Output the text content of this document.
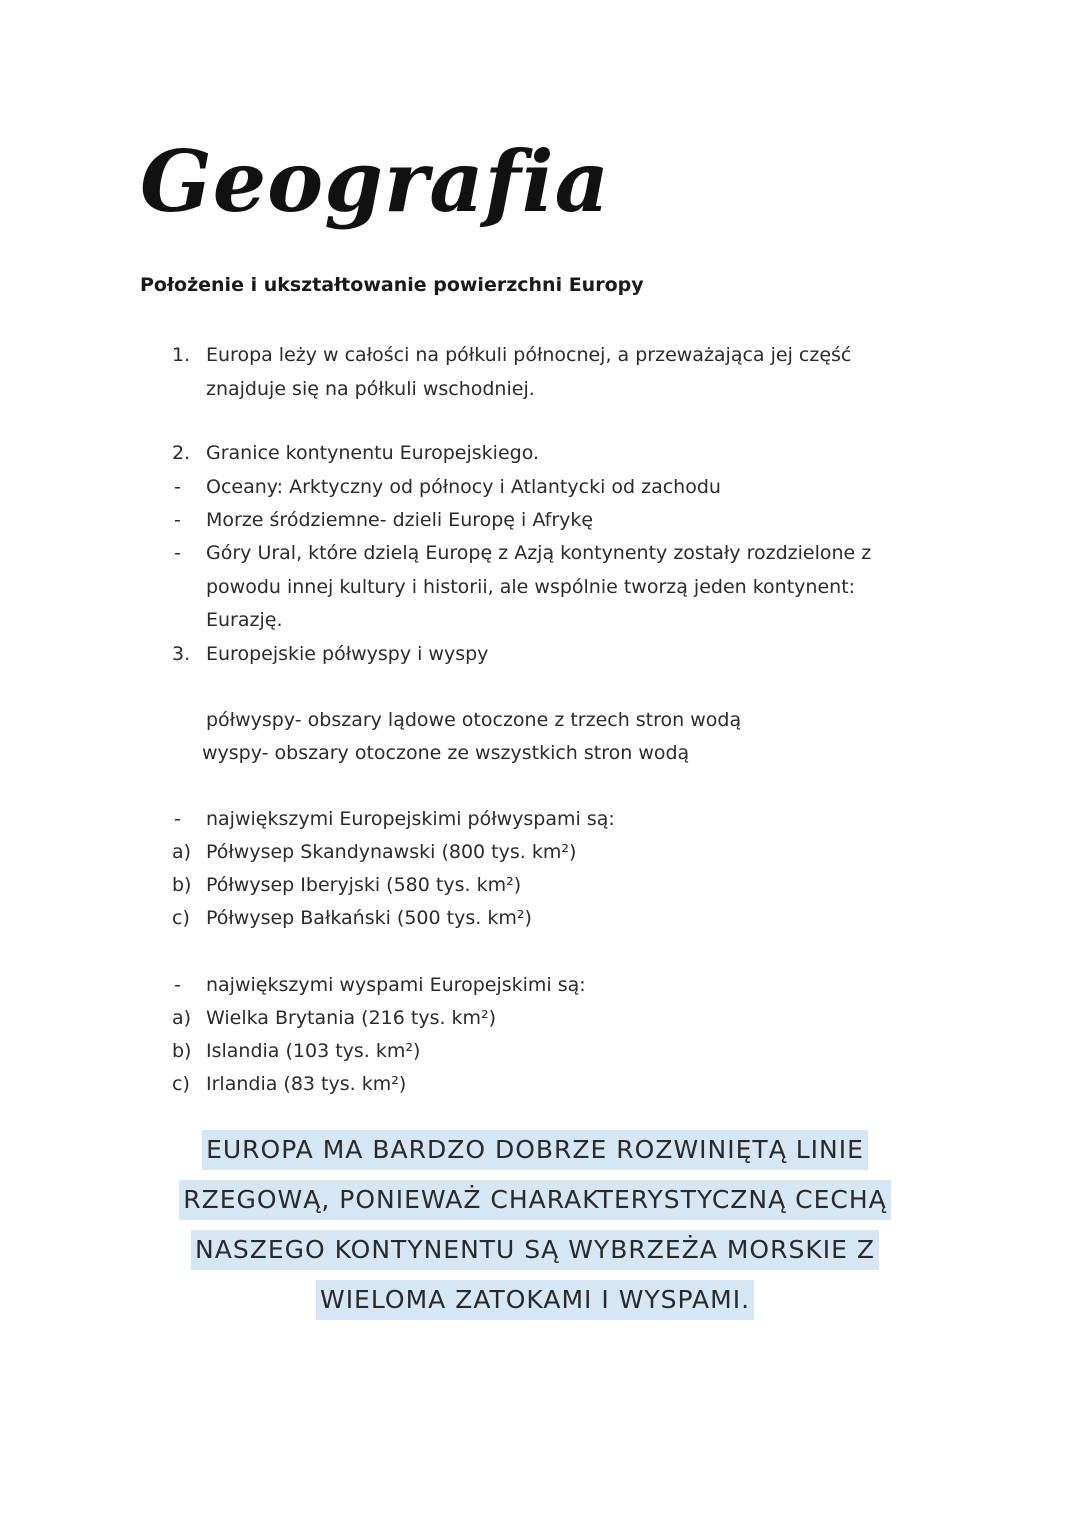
Geografia
Położenie i ukształtowanie powierzchni Europy
1. Europa leży w całości na półkuli północnej, a przeważająca jej część
znajduje się na półkuli wschodniej.
2. Granice kontynentu Europejskiego.
- Oceany: Arktyczny od północy i Atlantycki od zachodu
- Morze śródziemne- dzieli Europę i Afrykę
- Góry Ural, które dzielą Europę z Azją kontynenty zostały rozdzielone z
powodu innej kultury i historii, ale wspólnie tworzą jeden kontynent:
Eurazję.
3. Europejskie półwyspy i wyspy
półwyspy- obszary lądowe otoczone z trzech stron wodą
wyspy- obszary otoczone ze wszystkich stron wodą
- największymi Europejskimi półwyspami są:
a) Półwysep Skandynawski (800 tys. km²)
b) Półwysep Iberyjski (580 tys. km²)
c) Półwysep Bałkański (500 tys. km²)
- największymi wyspami Europejskimi są:
a) Wielka Brytania (216 tys. km²)
b) Islandia (103 tys. km²)
c) Irlandia (83 tys. km²)
EUROPA MA BARDZO DOBRZE ROZWINIĘTĄ LINIE
RZEGOWĄ, PONIEWAŻ CHARAKTERYSTYCZNĄ CECHĄ
NASZEGO KONTYNENTU SĄ WYBRZEŻA MORSKIE Z
WIELOMA ZATOKAMI I WYSPAMI.
